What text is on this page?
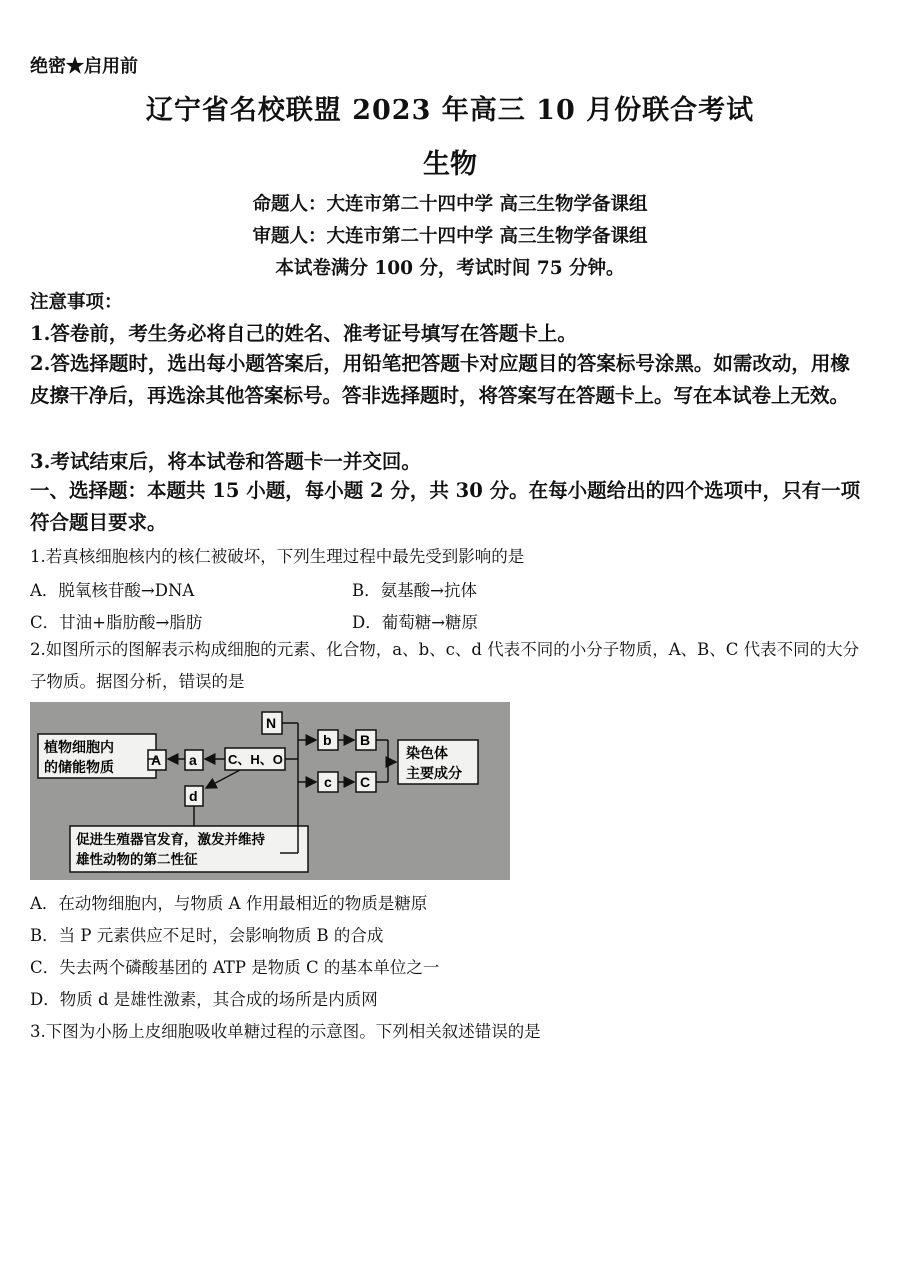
绝密★启用前
辽宁省名校联盟 2023 年高三 10 月份联合考试
生物
命题人：大连市第二十四中学 高三生物学备课组
审题人：大连市第二十四中学 高三生物学备课组
本试卷满分 100 分，考试时间 75 分钟。
注意事项：
1.答卷前，考生务必将自己的姓名、准考证号填写在答题卡上。
2.答选择题时，选出每小题答案后，用铅笔把答题卡对应题目的答案标号涂黑。如需改动，用橡皮擦干净后，再选涂其他答案标号。答非选择题时，将答案写在答题卡上。写在本试卷上无效。
3.考试结束后，将本试卷和答题卡一并交回。
一、选择题：本题共 15 小题，每小题 2 分，共 30 分。在每小题给出的四个选项中，只有一项符合题目要求。
1.若真核细胞核内的核仁被破坏，下列生理过程中最先受到影响的是
A．脱氧核苷酸→DNA	B．氨基酸→抗体
C．甘油+脂肪酸→脂肪	D．葡萄糖→糖原
2.如图所示的图解表示构成细胞的元素、化合物，a、b、c、d 代表不同的小分子物质，A、B、C 代表不同的大分子物质。据图分析，错误的是
植物细胞内
的储能物质	A a C、H、O
N
b B
c C
染色体
主要成分
d
促进生殖器官发育，激发并维持
雄性动物的第二性征
A．在动物细胞内，与物质 A 作用最相近的物质是糖原
B．当 P 元素供应不足时，会影响物质 B 的合成
C．失去两个磷酸基团的 ATP 是物质 C 的基本单位之一
D．物质 d 是雄性激素，其合成的场所是内质网
3.下图为小肠上皮细胞吸收单糖过程的示意图。下列相关叙述错误的是
